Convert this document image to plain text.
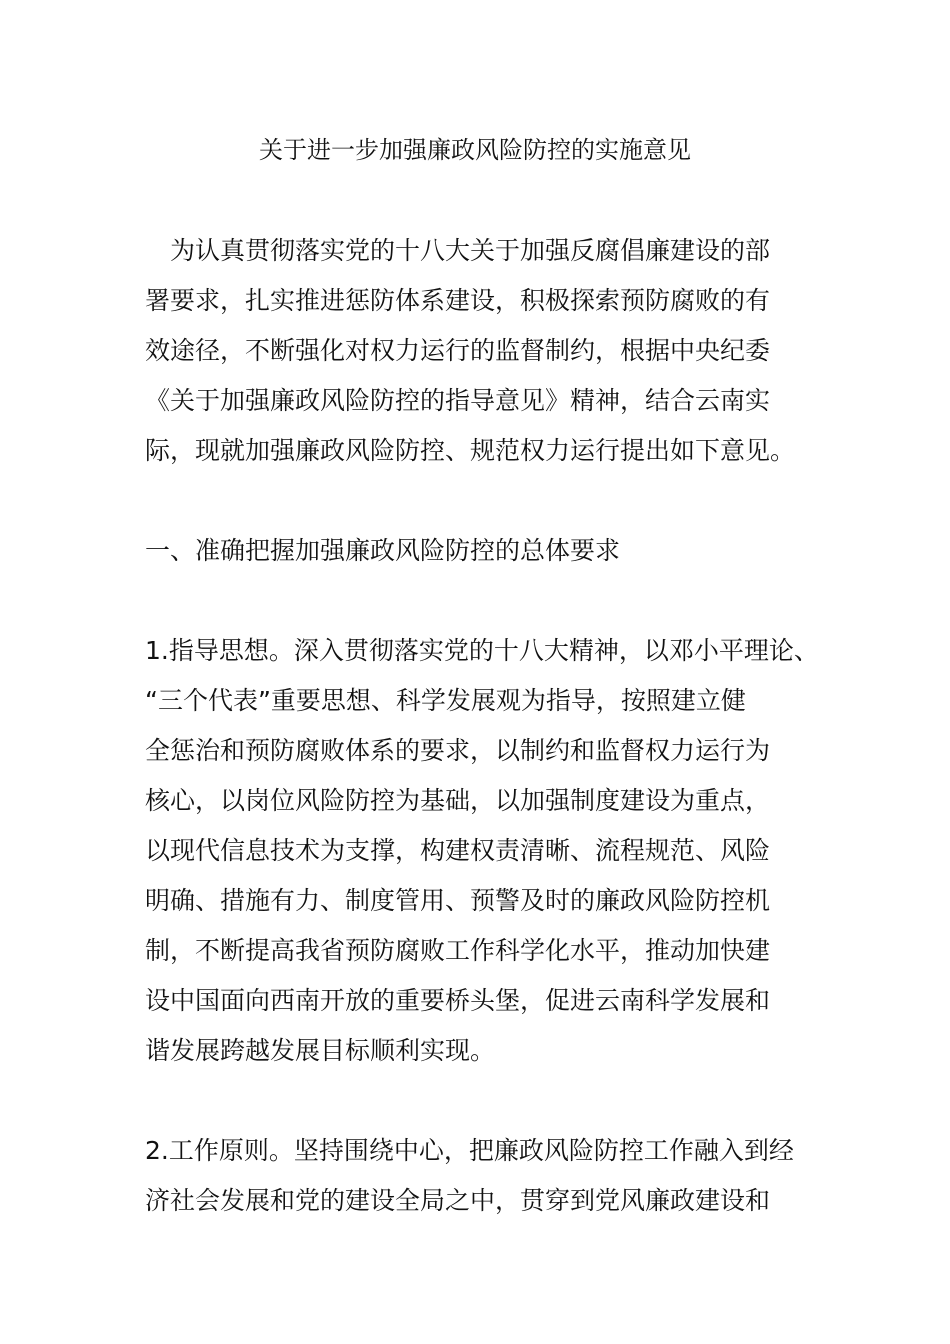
关于进一步加强廉政风险防控的实施意见
　为认真贯彻落实党的十八大关于加强反腐倡廉建设的部
署要求，扎实推进惩防体系建设，积极探索预防腐败的有
效途径，不断强化对权力运行的监督制约，根据中央纪委
《关于加强廉政风险防控的指导意见》精神，结合云南实
际，现就加强廉政风险防控、规范权力运行提出如下意见。
一、准确把握加强廉政风险防控的总体要求
1.指导思想。深入贯彻落实党的十八大精神，以邓小平理论、
“三个代表”重要思想、科学发展观为指导，按照建立健
全惩治和预防腐败体系的要求，以制约和监督权力运行为
核心，以岗位风险防控为基础，以加强制度建设为重点，
以现代信息技术为支撑，构建权责清晰、流程规范、风险
明确、措施有力、制度管用、预警及时的廉政风险防控机
制，不断提高我省预防腐败工作科学化水平，推动加快建
设中国面向西南开放的重要桥头堡，促进云南科学发展和
谐发展跨越发展目标顺利实现。
2.工作原则。坚持围绕中心，把廉政风险防控工作融入到经
济社会发展和党的建设全局之中，贯穿到党风廉政建设和
